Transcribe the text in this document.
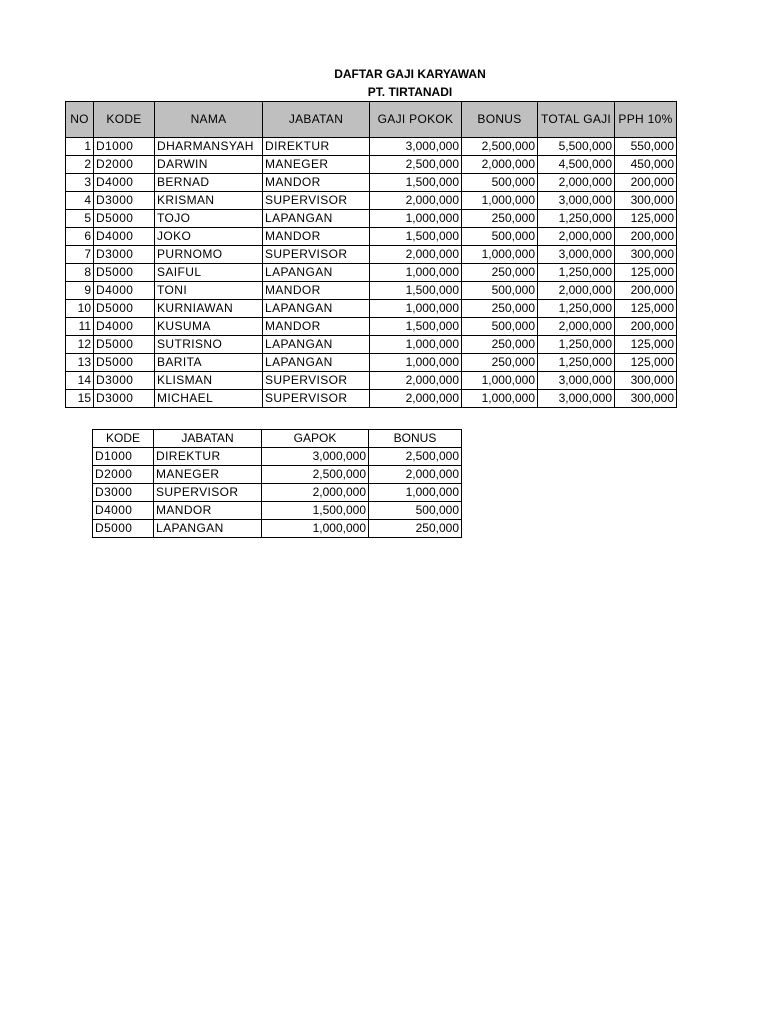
DAFTAR GAJI KARYAWAN
PT. TIRTANADI
NO	KODE	NAMA	JABATAN	GAJI POKOK	BONUS	TOTAL GAJI	PPH 10%
1	D1000	DHARMANSYAH	DIREKTUR	3,000,000	2,500,000	5,500,000	550,000
2	D2000	DARWIN	MANEGER	2,500,000	2,000,000	4,500,000	450,000
3	D4000	BERNAD	MANDOR	1,500,000	500,000	2,000,000	200,000
4	D3000	KRISMAN	SUPERVISOR	2,000,000	1,000,000	3,000,000	300,000
5	D5000	TOJO	LAPANGAN	1,000,000	250,000	1,250,000	125,000
6	D4000	JOKO	MANDOR	1,500,000	500,000	2,000,000	200,000
7	D3000	PURNOMO	SUPERVISOR	2,000,000	1,000,000	3,000,000	300,000
8	D5000	SAIFUL	LAPANGAN	1,000,000	250,000	1,250,000	125,000
9	D4000	TONI	MANDOR	1,500,000	500,000	2,000,000	200,000
10	D5000	KURNIAWAN	LAPANGAN	1,000,000	250,000	1,250,000	125,000
11	D4000	KUSUMA	MANDOR	1,500,000	500,000	2,000,000	200,000
12	D5000	SUTRISNO	LAPANGAN	1,000,000	250,000	1,250,000	125,000
13	D5000	BARITA	LAPANGAN	1,000,000	250,000	1,250,000	125,000
14	D3000	KLISMAN	SUPERVISOR	2,000,000	1,000,000	3,000,000	300,000
15	D3000	MICHAEL	SUPERVISOR	2,000,000	1,000,000	3,000,000	300,000
KODE	JABATAN	GAPOK	BONUS
D1000	DIREKTUR	3,000,000	2,500,000
D2000	MANEGER	2,500,000	2,000,000
D3000	SUPERVISOR	2,000,000	1,000,000
D4000	MANDOR	1,500,000	500,000
D5000	LAPANGAN	1,000,000	250,000
